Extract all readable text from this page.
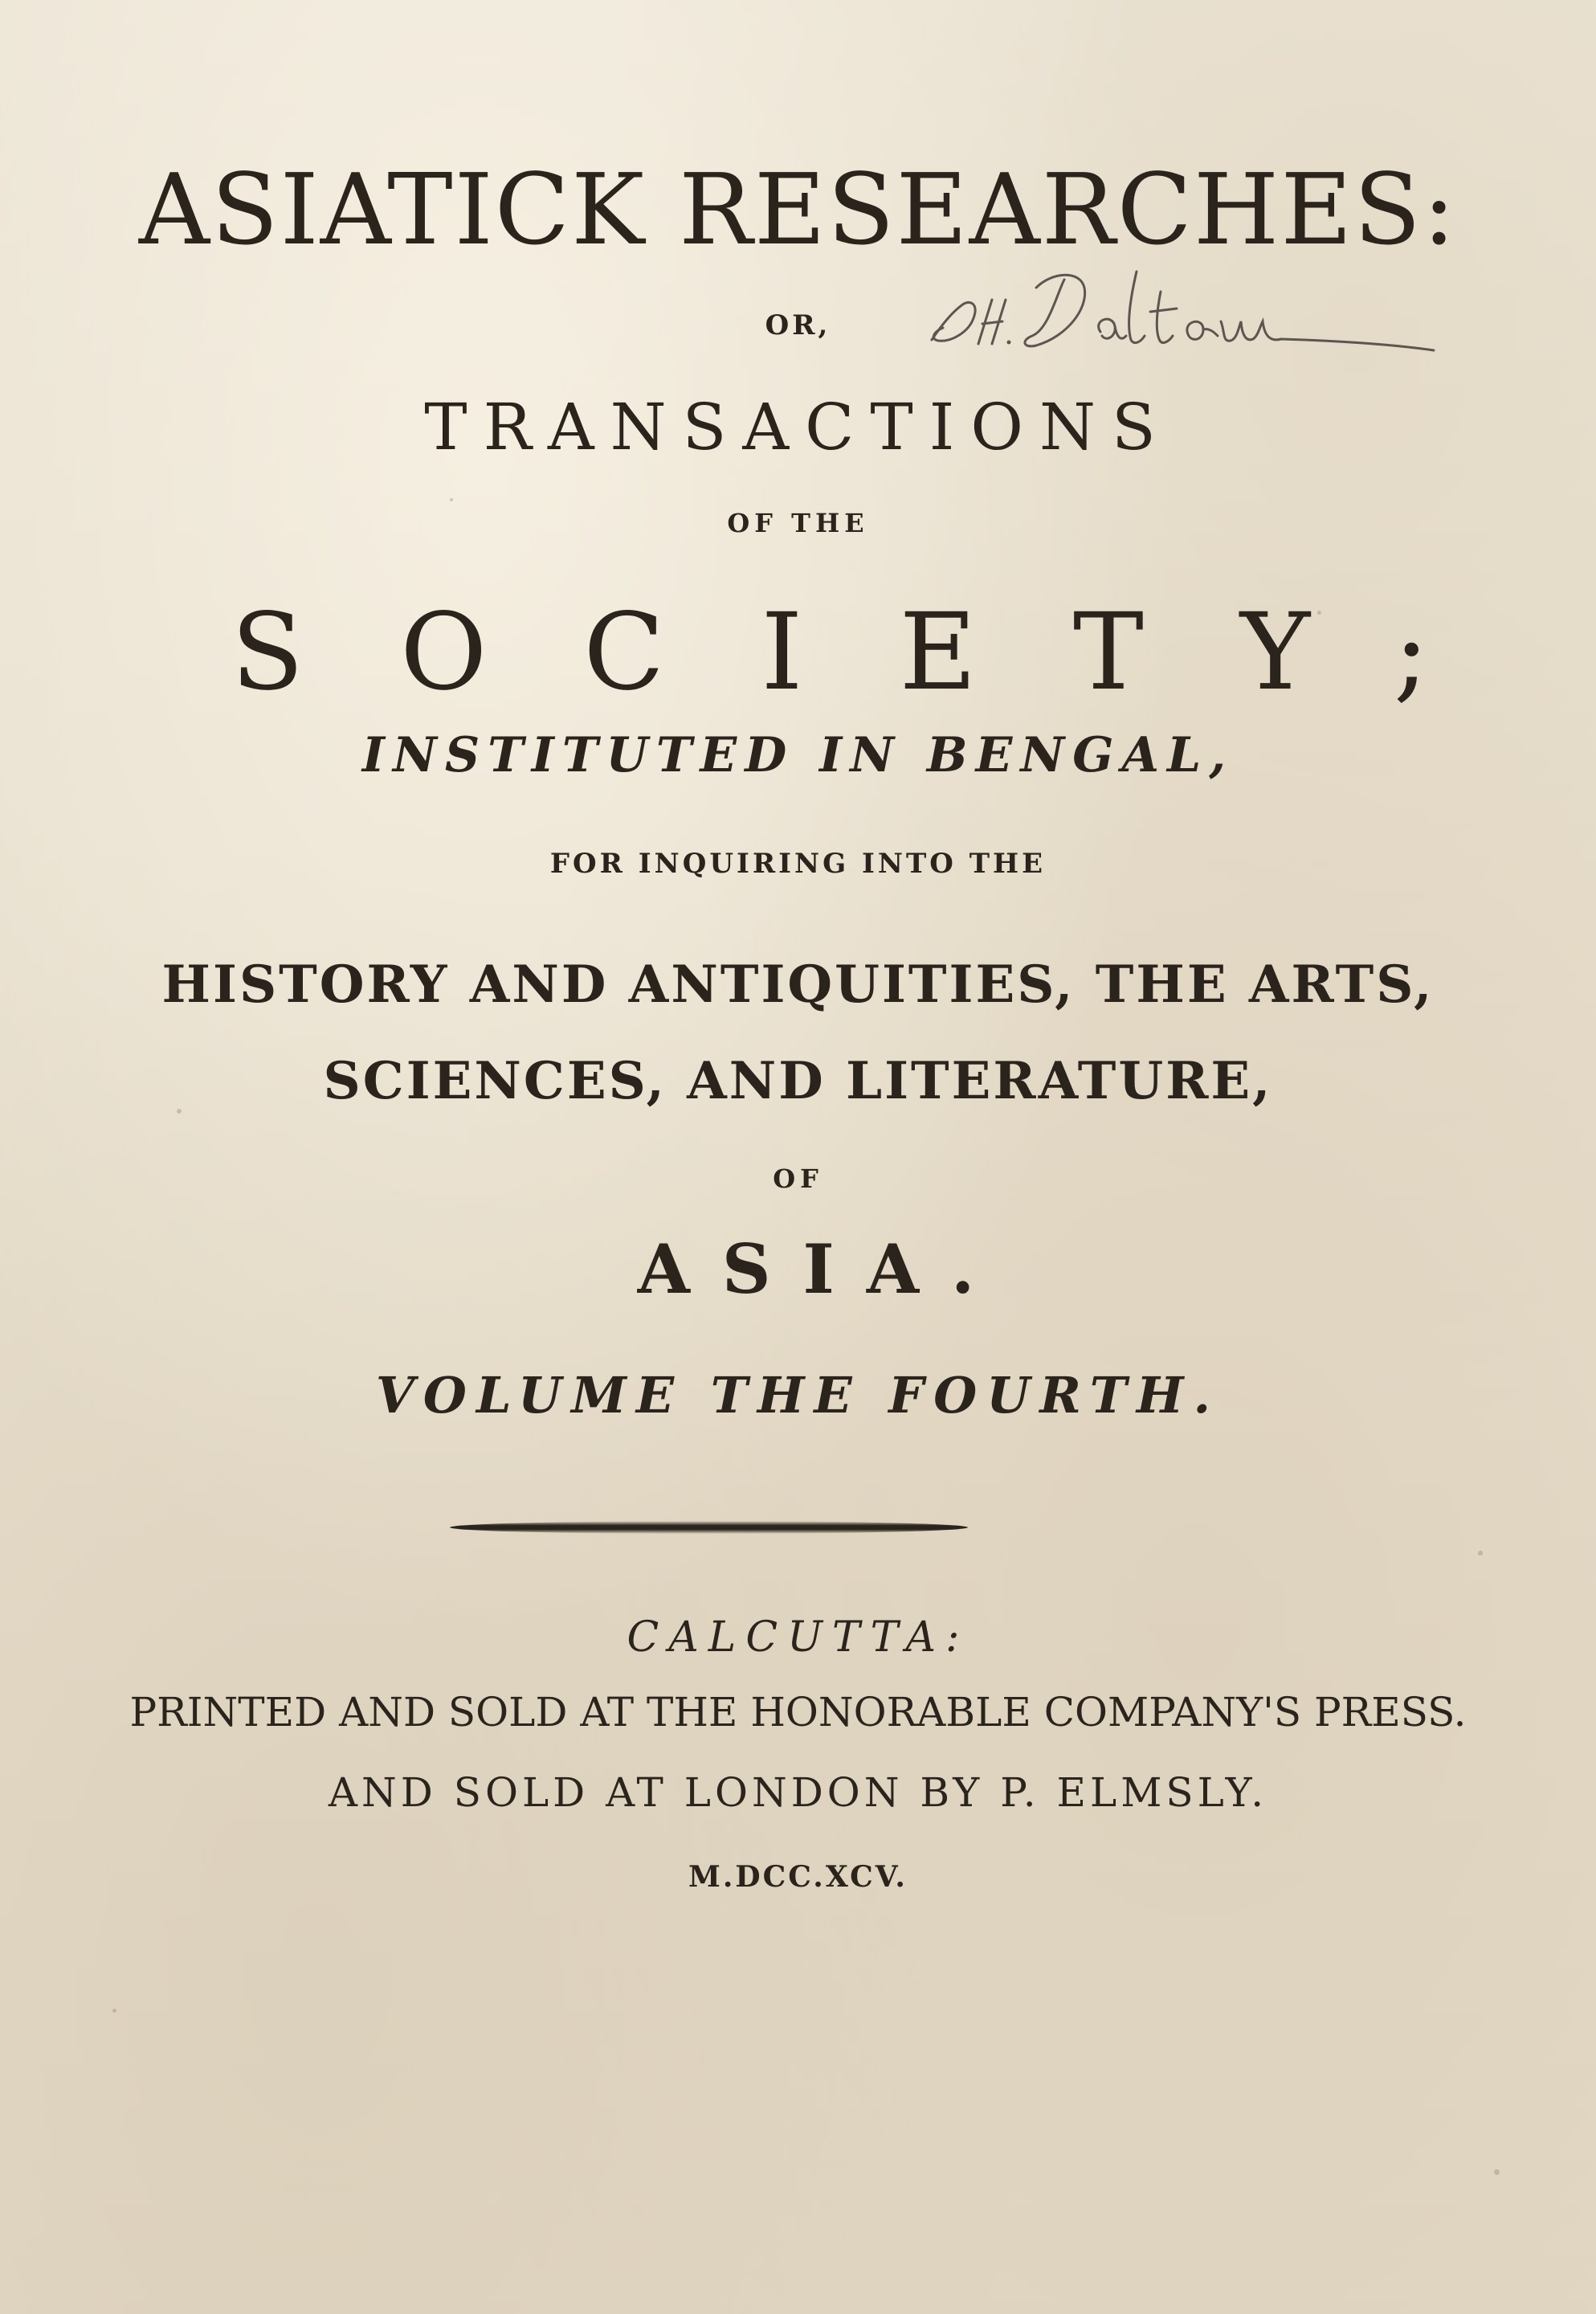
ASIATICK RESEARCHES:
OR,
TRANSACTIONS
OF THE
SOCIETY;
INSTITUTED IN BENGAL,
FOR INQUIRING INTO THE
HISTORY AND ANTIQUITIES, THE ARTS,
SCIENCES, AND LITERATURE,
OF
ASIA.
VOLUME THE FOURTH.
CALCUTTA:
PRINTED AND SOLD AT THE HONORABLE COMPANY'S PRESS.
AND SOLD AT LONDON BY P. ELMSLY.
M.DCC.XCV.
